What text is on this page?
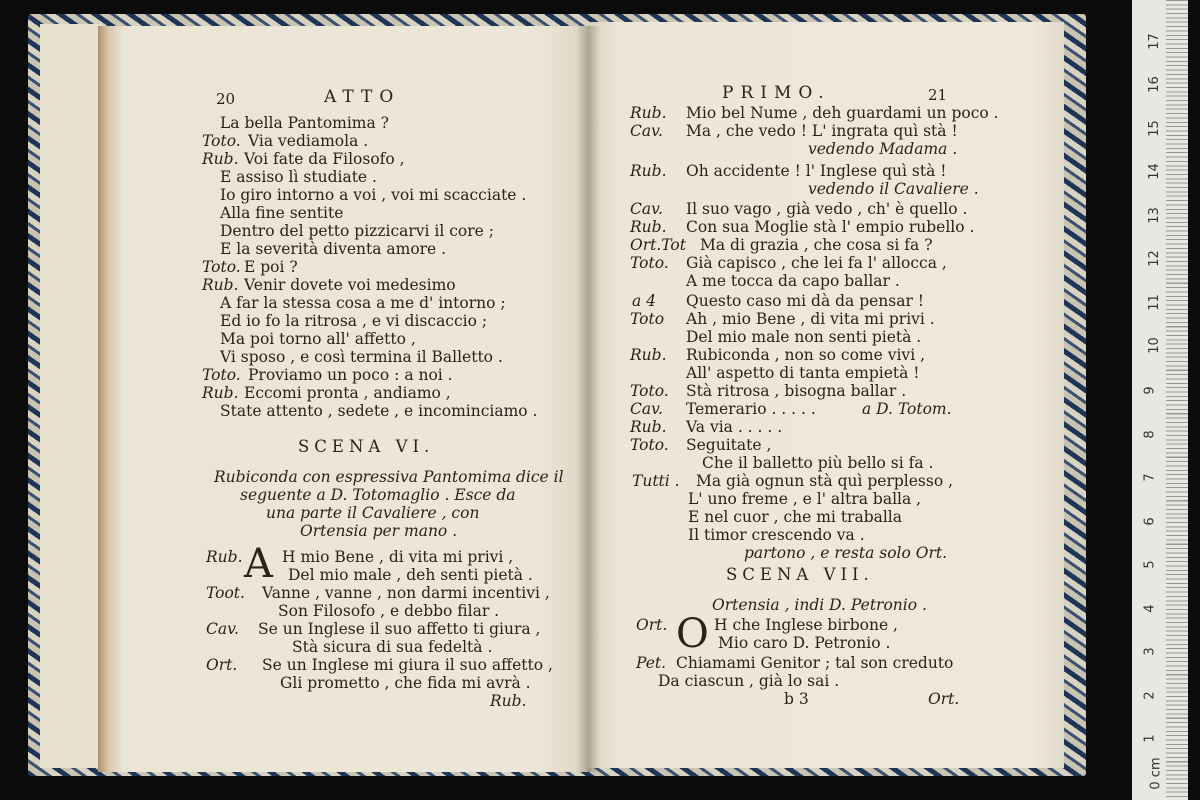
20	ATTO
La bella Pantomima ?
Toto. Via vediamola .
Rub. Voi fate da Filosofo ,
E assiso lì studiate .
Io giro intorno a voi , voi mi scacciate .
Alla fine sentite
Dentro del petto pizzicarvi il core ;
E la severità diventa amore .
Toto. E poi ?
Rub. Venir dovete voi medesimo
A far la stessa cosa a me d' intorno ;
Ed io fo la ritrosa , e vi discaccio ;
Ma poi torno all' affetto ,
Vi sposo , e così termina il Balletto .
Toto. Proviamo un poco : a noi .
Rub. Eccomi pronta , andiamo ,
State attento , sedete , e incominciamo .
SCENA VI.
Rubiconda con espressiva Pantomima dice il
seguente a D. Totomaglio . Esce da
una parte il Cavaliere , con
Ortensia per mano .
Rub. A H mio Bene , di vita mi privi ,
Del mio male , deh senti pietà .
Toot. Vanne , vanne , non darmi incentivi ,
Son Filosofo , e debbo filar .
Cav. Se un Inglese il suo affetto ti giura ,
Stà sicura di sua fedeltà .
Ort. Se un Inglese mi giura il suo affetto ,
Gli prometto , che fida mi avrà .
Rub.
PRIMO.	21
Rub. Mio bel Nume , deh guardami un poco .
Cav. Ma , che vedo ! L' ingrata quì stà !
vedendo Madama .
Rub. Oh accidente ! l' Inglese quì stà !
vedendo il Cavaliere .
Cav. Il suo vago , già vedo , ch' è quello .
Rub. Con sua Moglie stà l' empio rubello .
Ort.Tot Ma di grazia , che cosa si fa ?
Toto. Già capisco , che lei fa l' allocca ,
A me tocca da capo ballar .
a 4 Questo caso mi dà da pensar !
Toto Ah , mio Bene , di vita mi privi .
Del mio male non senti pietà .
Rub. Rubiconda , non so come vivi ,
All' aspetto di tanta empietà !
Toto. Stà ritrosa , bisogna ballar .
Cav. Temerario . . . . .	a D. Totom.
Rub. Va via . . . . .
Toto. Seguitate ,
Che il balletto più bello si fa .
Tutti . Ma già ognun stà quì perplesso ,
L' uno freme , e l' altra balla ,
E nel cuor , che mi traballa
Il timor crescendo va .
partono , e resta solo Ort.
SCENA VII.
Ortensia , indi D. Petronio .
Ort. O H che Inglese birbone ,
Mio caro D. Petronio .
Pet. Chiamami Genitor ; tal son creduto
Da ciascun , già lo sai .
b 3	Ort.
17
16
15
14
13
12
11
10
9
8
7
6
5
4
3
2
1
0 cm
